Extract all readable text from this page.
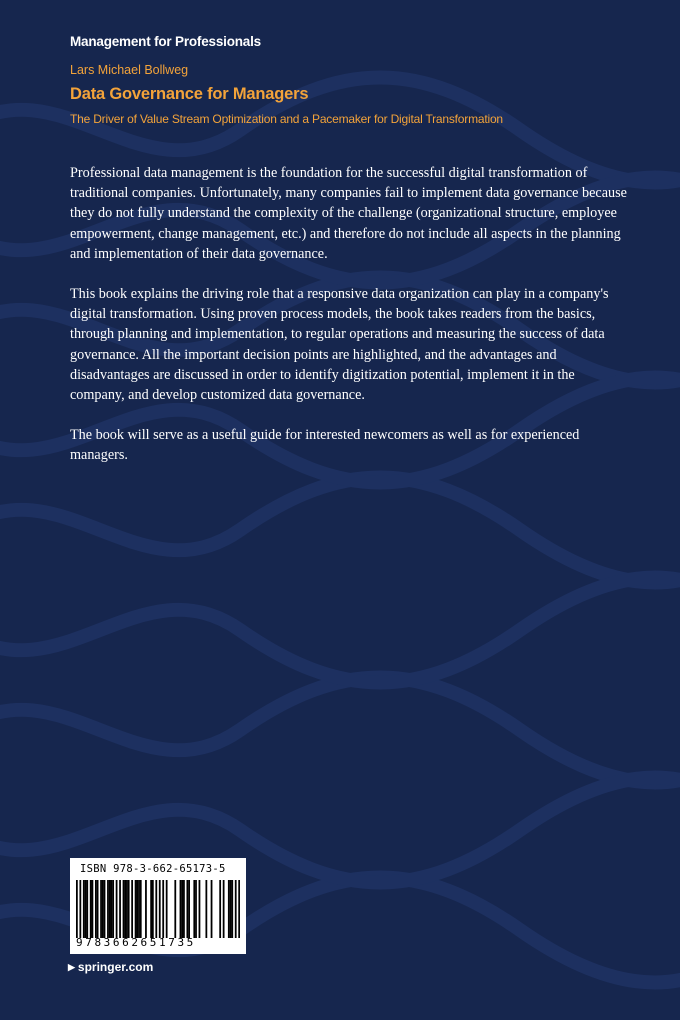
Management for Professionals
Lars Michael Bollweg
Data Governance for Managers
The Driver of Value Stream Optimization and a Pacemaker for Digital Transformation

Professional data management is the foundation for the successful digital transformation of traditional companies. Unfortunately, many companies fail to implement data governance because they do not fully understand the complexity of the challenge (organizational structure, employee empowerment, change management, etc.) and therefore do not include all aspects in the planning and implementation of their data governance.

This book explains the driving role that a responsive data organization can play in a company's digital transformation. Using proven process models, the book takes readers from the basics, through planning and implementation, to regular operations and measuring the success of data governance. All the important decision points are highlighted, and the advantages and disadvantages are discussed in order to identify digitization potential, implement it in the company, and develop customized data governance.

The book will serve as a useful guide for interested newcomers as well as for experienced managers.

ISBN 978-3-662-65173-5
9783662651735
▶ springer.com
